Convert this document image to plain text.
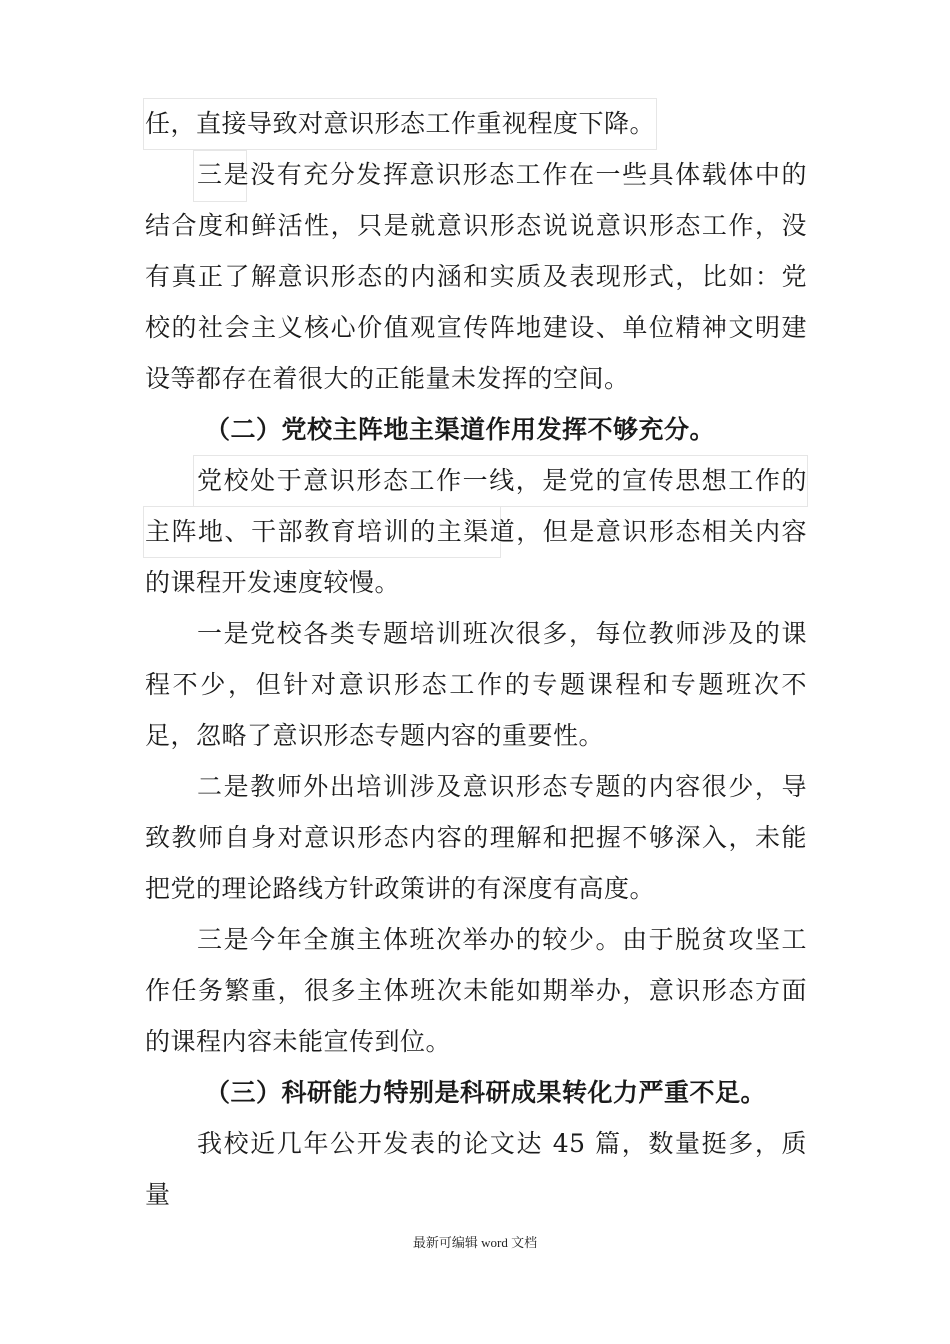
任，直接导致对意识形态工作重视程度下降。

三是没有充分发挥意识形态工作在一些具体载体中的结合度和鲜活性，只是就意识形态说说意识形态工作，没有真正了解意识形态的内涵和实质及表现形式，比如：党校的社会主义核心价值观宣传阵地建设、单位精神文明建设等都存在着很大的正能量未发挥的空间。

（二）党校主阵地主渠道作用发挥不够充分。

党校处于意识形态工作一线，是党的宣传思想工作的主阵地、干部教育培训的主渠道，但是意识形态相关内容的课程开发速度较慢。

一是党校各类专题培训班次很多，每位教师涉及的课程不少，但针对意识形态工作的专题课程和专题班次不足，忽略了意识形态专题内容的重要性。

二是教师外出培训涉及意识形态专题的内容很少，导致教师自身对意识形态内容的理解和把握不够深入，未能把党的理论路线方针政策讲的有深度有高度。

三是今年全旗主体班次举办的较少。由于脱贫攻坚工作任务繁重，很多主体班次未能如期举办，意识形态方面的课程内容未能宣传到位。

（三）科研能力特别是科研成果转化力严重不足。

我校近几年公开发表的论文达 45 篇，数量挺多，质量

最新可编辑 word 文档
